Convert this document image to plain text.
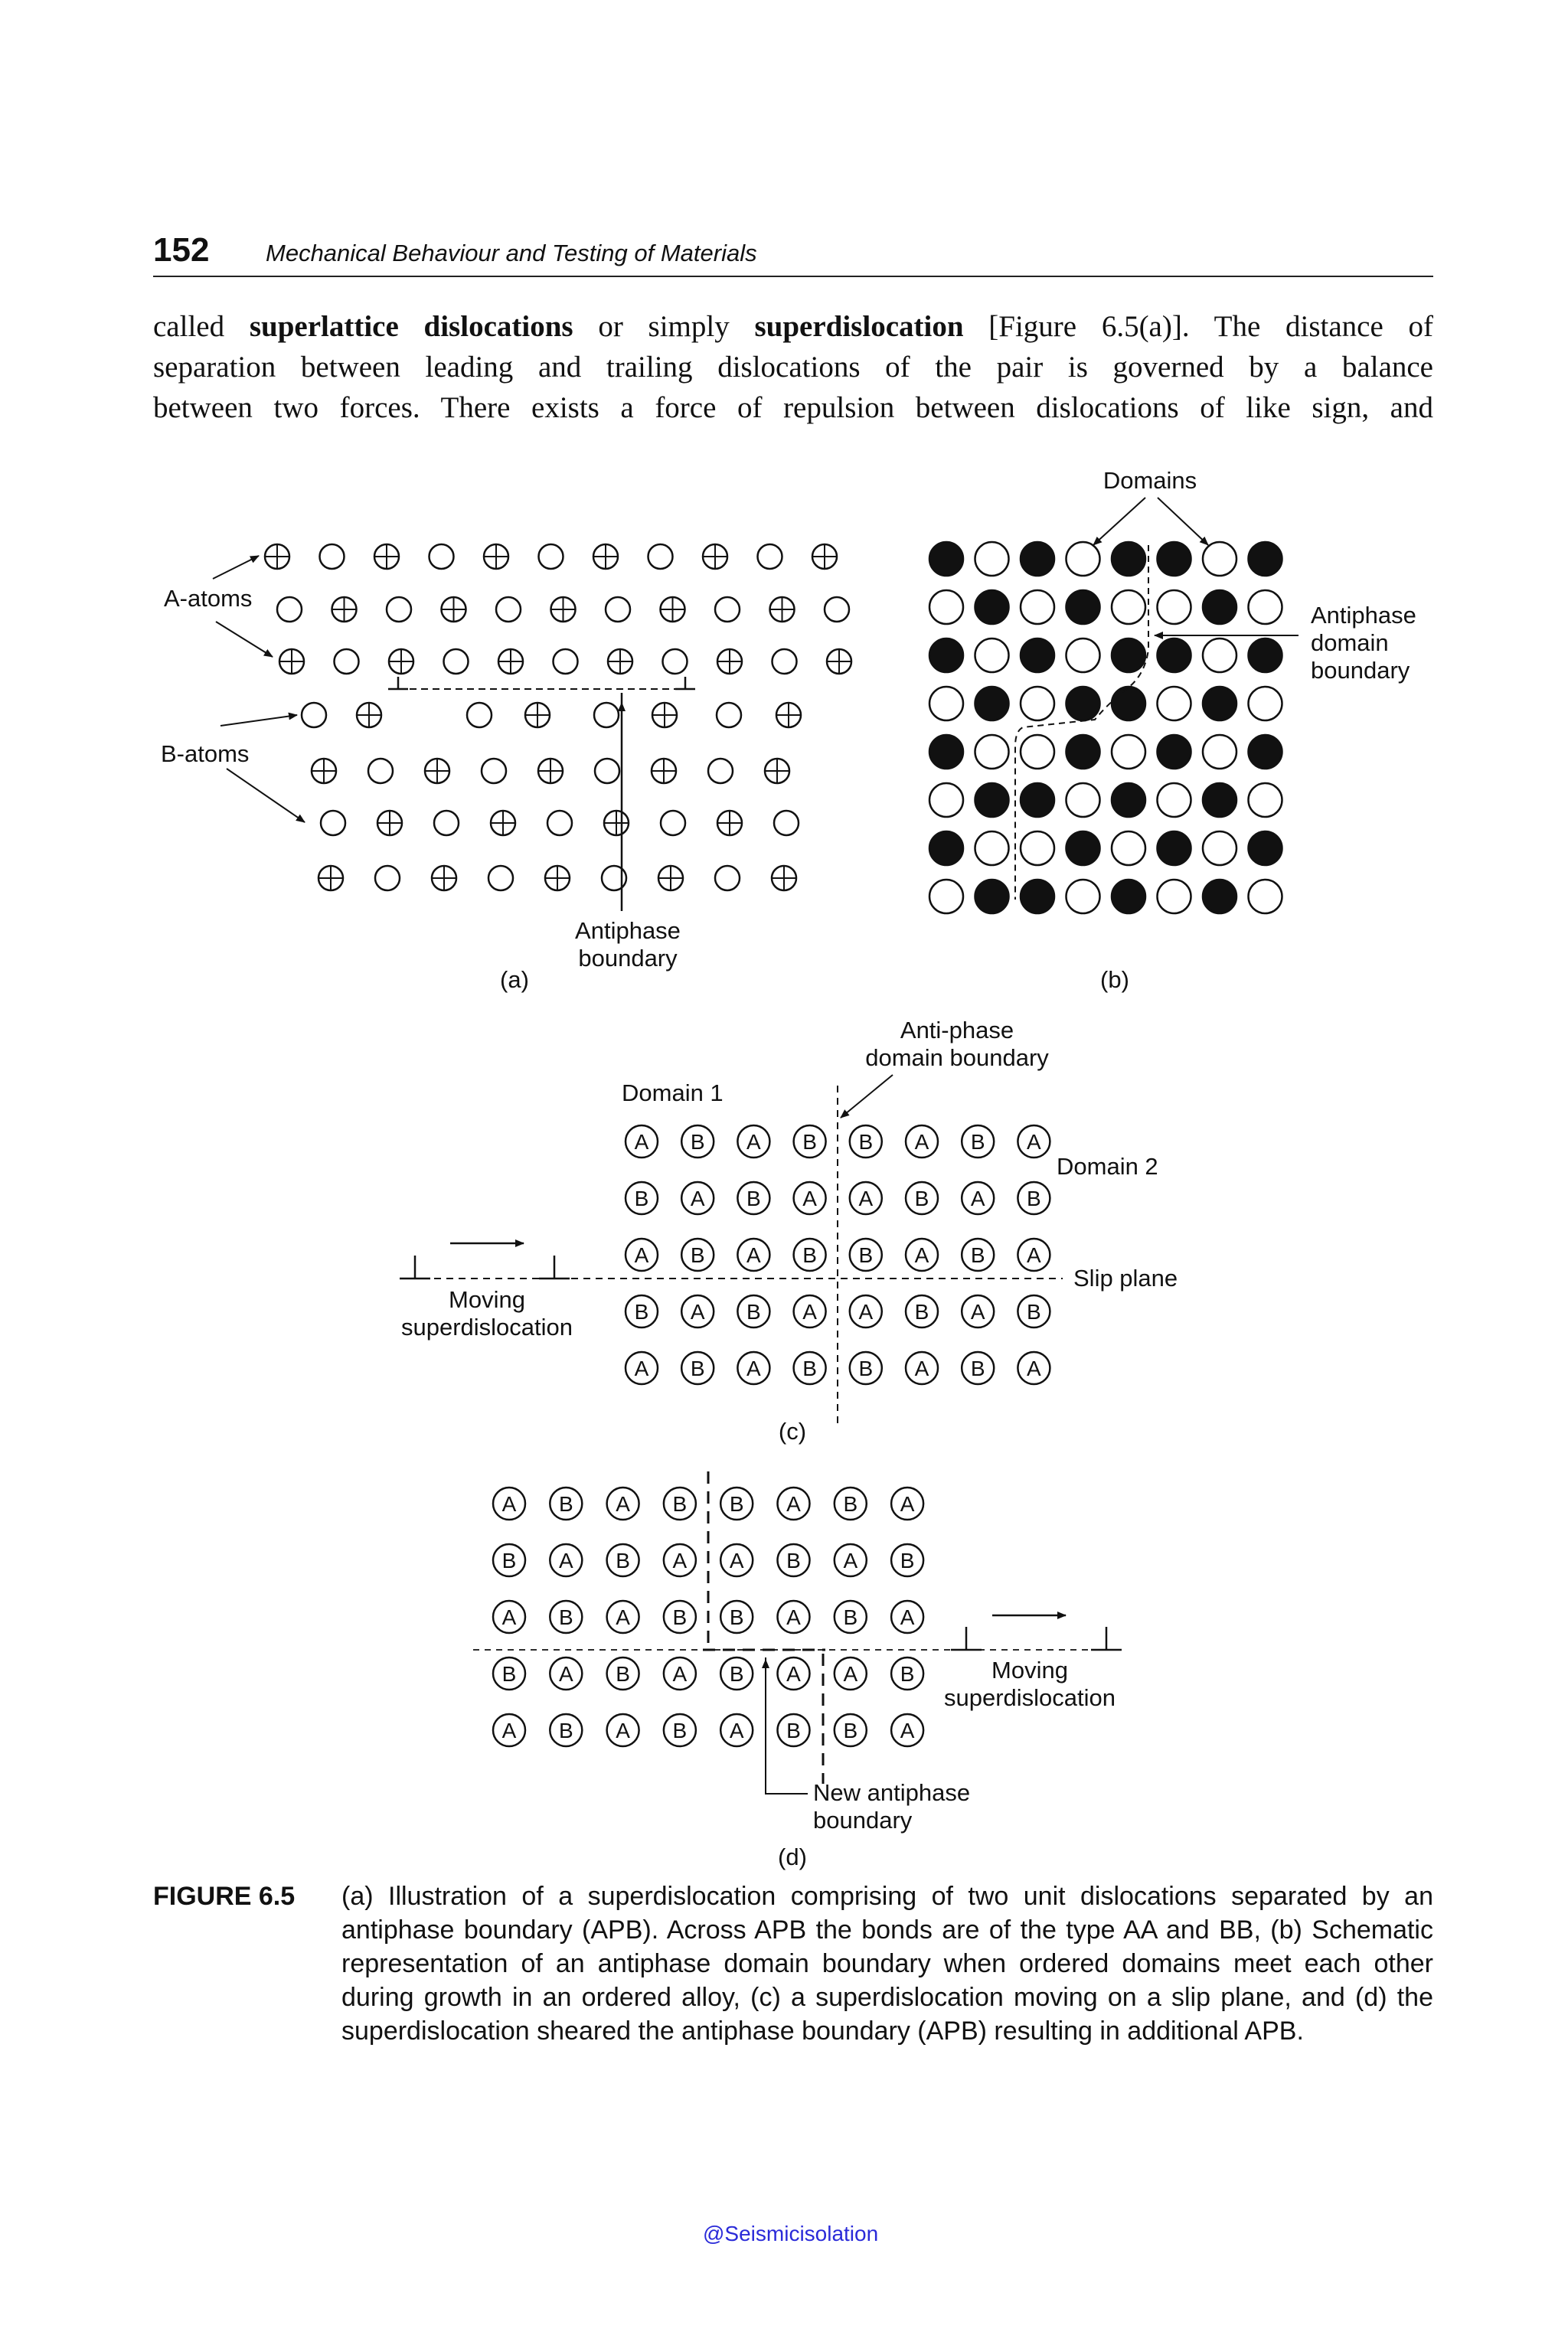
152 Mechanical Behaviour and Testing of Materials
called superlattice dislocations or simply superdislocation [Figure 6.5(a)]. The distance of
separation between leading and trailing dislocations of the pair is governed by a balance
between two forces. There exists a force of repulsion between dislocations of like sign, and
A-atoms
B-atoms
Antiphase
boundary
(a)
Domains
Antiphase
domain
boundary
(b)
A B A B B A B A
B A B A A B A B
A B A B B A B A
B A B A A B A B
A B A B B A B A
Anti-phase
domain boundary
Domain 1
Domain 2
Slip plane
Moving
superdislocation
(c)
A B A B B A B A
B A B A A B A B
A B A B B A B A
B A B A B A A B
A B A B A B B A
Moving
superdislocation
New antiphase
boundary
(d)
FIGURE 6.5 (a) Illustration of a superdislocation comprising of two unit dislocations separated by an antiphase boundary (APB). Across APB the bonds are of the type AA and BB, (b) Schematic representation of an antiphase domain boundary when ordered domains meet each other during growth in an ordered alloy, (c) a superdislocation moving on a slip plane, and (d) the superdislocation sheared the antiphase boundary (APB) resulting in additional APB.
@Seismicisolation
